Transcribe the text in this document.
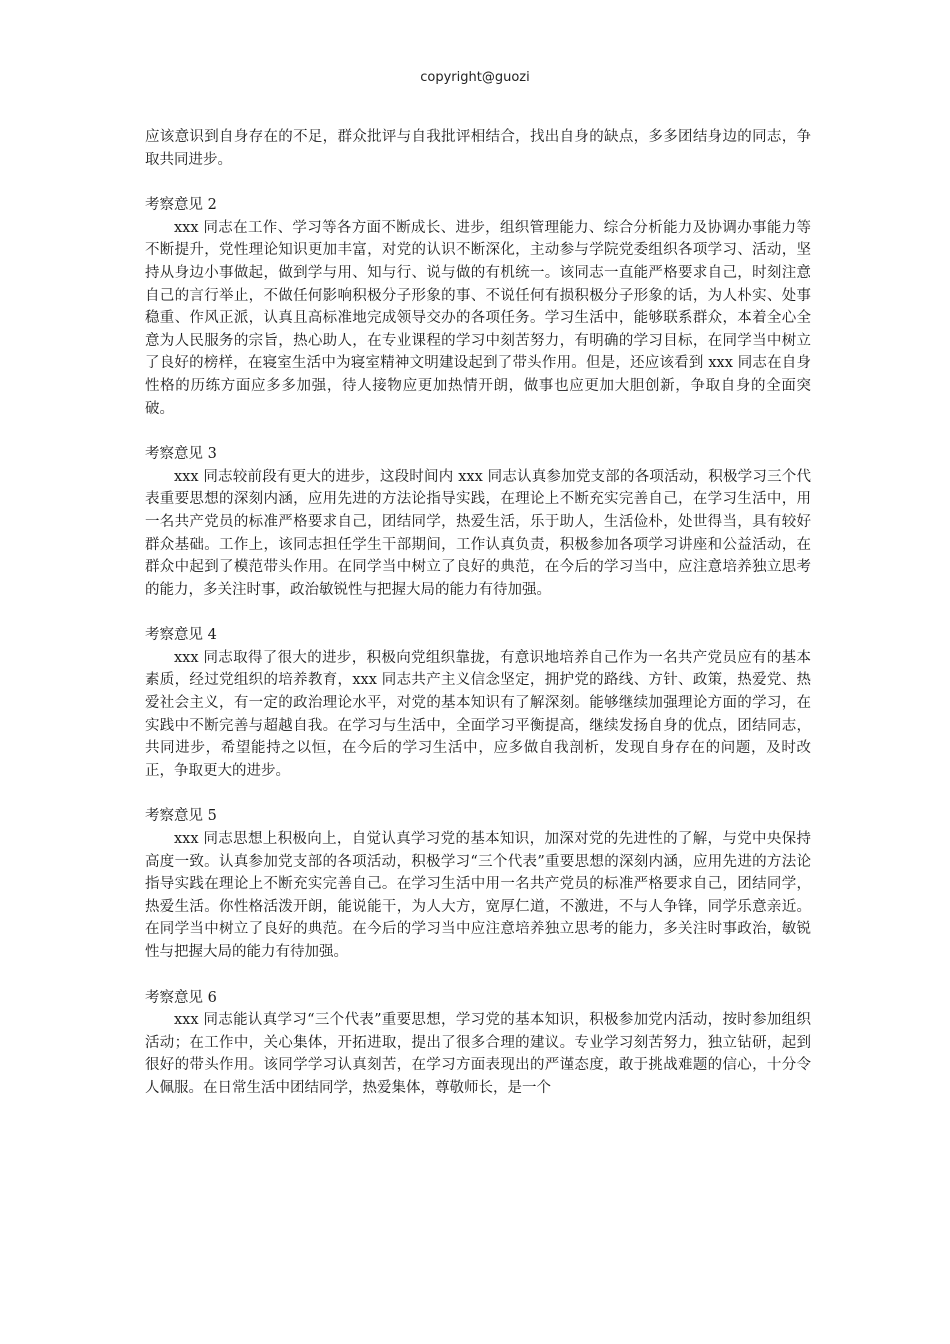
copyright@guozi

应该意识到自身存在的不足，群众批评与自我批评相结合，找出自身的缺点，多多团结身边的同志，争取共同进步。

考察意见 2

xxx 同志在工作、学习等各方面不断成长、进步，组织管理能力、综合分析能力及协调办事能力等不断提升，党性理论知识更加丰富，对党的认识不断深化，主动参与学院党委组织各项学习、活动，坚持从身边小事做起，做到学与用、知与行、说与做的有机统一。该同志一直能严格要求自己，时刻注意自己的言行举止，不做任何影响积极分子形象的事、不说任何有损积极分子形象的话，为人朴实、处事稳重、作风正派，认真且高标准地完成领导交办的各项任务。学习生活中，能够联系群众，本着全心全意为人民服务的宗旨，热心助人，在专业课程的学习中刻苦努力，有明确的学习目标，在同学当中树立了良好的榜样，在寝室生活中为寝室精神文明建设起到了带头作用。但是，还应该看到 xxx 同志在自身性格的历练方面应多多加强，待人接物应更加热情开朗，做事也应更加大胆创新，争取自身的全面突破。

考察意见 3

xxx 同志较前段有更大的进步，这段时间内 xxx 同志认真参加党支部的各项活动，积极学习三个代表重要思想的深刻内涵，应用先进的方法论指导实践，在理论上不断充实完善自己，在学习生活中，用一名共产党员的标准严格要求自己，团结同学，热爱生活，乐于助人，生活俭朴，处世得当，具有较好群众基础。工作上，该同志担任学生干部期间，工作认真负责，积极参加各项学习讲座和公益活动，在群众中起到了模范带头作用。在同学当中树立了良好的典范，在今后的学习当中，应注意培养独立思考的能力，多关注时事，政治敏锐性与把握大局的能力有待加强。

考察意见 4

xxx 同志取得了很大的进步，积极向党组织靠拢，有意识地培养自己作为一名共产党员应有的基本素质，经过党组织的培养教育，xxx 同志共产主义信念坚定，拥护党的路线、方针、政策，热爱党、热爱社会主义，有一定的政治理论水平，对党的基本知识有了解深刻。能够继续加强理论方面的学习，在实践中不断完善与超越自我。在学习与生活中，全面学习平衡提高，继续发扬自身的优点，团结同志，共同进步，希望能持之以恒，在今后的学习生活中，应多做自我剖析，发现自身存在的问题，及时改正，争取更大的进步。

考察意见 5

xxx 同志思想上积极向上，自觉认真学习党的基本知识，加深对党的先进性的了解，与党中央保持高度一致。认真参加党支部的各项活动，积极学习“三个代表”重要思想的深刻内涵，应用先进的方法论指导实践在理论上不断充实完善自己。在学习生活中用一名共产党员的标准严格要求自己，团结同学，热爱生活。你性格活泼开朗，能说能干，为人大方，宽厚仁道，不激进，不与人争锋，同学乐意亲近。在同学当中树立了良好的典范。在今后的学习当中应注意培养独立思考的能力，多关注时事政治，敏锐性与把握大局的能力有待加强。

考察意见 6

xxx 同志能认真学习“三个代表”重要思想，学习党的基本知识，积极参加党内活动，按时参加组织活动；在工作中，关心集体，开拓进取，提出了很多合理的建议。专业学习刻苦努力，独立钻研，起到很好的带头作用。该同学学习认真刻苦，在学习方面表现出的严谨态度，敢于挑战难题的信心，十分令人佩服。在日常生活中团结同学，热爱集体，尊敬师长，是一个
